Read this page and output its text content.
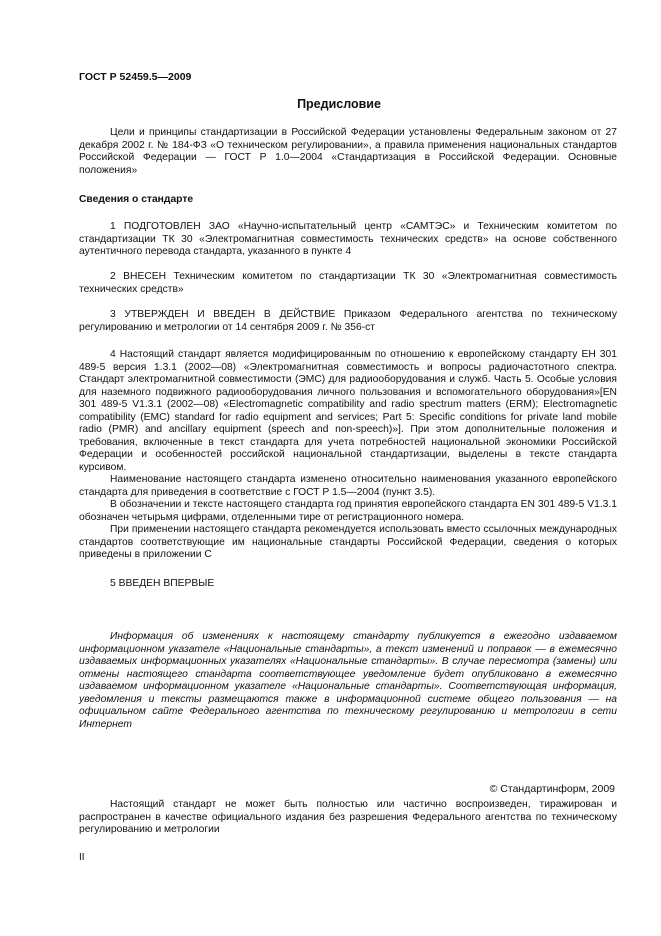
ГОСТ Р 52459.5—2009
Предисловие

Цели и принципы стандартизации в Российской Федерации установлены Федеральным законом от 27 декабря 2002 г. № 184-ФЗ «О техническом регулировании», а правила применения национальных стандартов Российской Федерации — ГОСТ Р 1.0—2004 «Стандартизация в Российской Федерации. Основные положения»

Сведения о стандарте

1 ПОДГОТОВЛЕН ЗАО «Научно-испытательный центр «САМТЭС» и Техническим комитетом по стандартизации ТК 30 «Электромагнитная совместимость технических средств» на основе собственного аутентичного перевода стандарта, указанного в пункте 4

2 ВНЕСЕН Техническим комитетом по стандартизации ТК 30 «Электромагнитная совместимость технических средств»

3 УТВЕРЖДЕН И ВВЕДЕН В ДЕЙСТВИЕ Приказом Федерального агентства по техническому регулированию и метрологии от 14 сентября 2009 г. № 356-ст

4 Настоящий стандарт является модифицированным по отношению к европейскому стандарту ЕН 301 489-5 версия 1.3.1 (2002—08) «Электромагнитная совместимость и вопросы радиочастотного спектра. Стандарт электромагнитной совместимости (ЭМС) для радиооборудования и служб. Часть 5. Особые условия для наземного подвижного радиооборудования личного пользования и вспомогательного оборудования»[EN 301 489-5 V1.3.1 (2002—08) «Electromagnetic compatibility and radio spectrum matters (ERM); Electromagnetic compatibility (EMC) standard for radio equipment and services; Part 5: Specific conditions for private land mobile radio (PMR) and ancillary equipment (speech and non-speech)»]. При этом дополнительные положения и требования, включенные в текст стандарта для учета потребностей национальной экономики Российской Федерации и особенностей российской национальной стандартизации, выделены в тексте стандарта курсивом.

Наименование настоящего стандарта изменено относительно наименования указанного европейского стандарта для приведения в соответствие с ГОСТ Р 1.5—2004 (пункт 3.5).

В обозначении и тексте настоящего стандарта год принятия европейского стандарта EN 301 489-5 V1.3.1 обозначен четырьмя цифрами, отделенными тире от регистрационного номера.

При применении настоящего стандарта рекомендуется использовать вместо ссылочных международных стандартов соответствующие им национальные стандарты Российской Федерации, сведения о которых приведены в приложении С

5 ВВЕДЕН ВПЕРВЫЕ

Информация об изменениях к настоящему стандарту публикуется в ежегодно издаваемом информационном указателе «Национальные стандарты», а текст изменений и поправок — в ежемесячно издаваемых информационных указателях «Национальные стандарты». В случае пересмотра (замены) или отмены настоящего стандарта соответствующее уведомление будет опубликовано в ежемесячно издаваемом информационном указателе «Национальные стандарты». Соответствующая информация, уведомления и тексты размещаются также в информационной системе общего пользования — на официальном сайте Федерального агентства по техническому регулированию и метрологии в сети Интернет

© Стандартинформ, 2009

Настоящий стандарт не может быть полностью или частично воспроизведен, тиражирован и распространен в качестве официального издания без разрешения Федерального агентства по техническому регулированию и метрологии

II
